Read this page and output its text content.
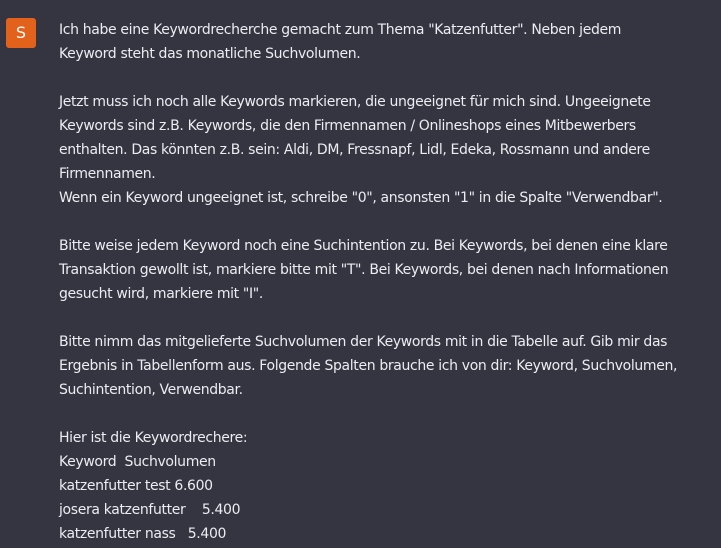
S	Ich habe eine Keywordrecherche gemacht zum Thema "Katzenfutter". Neben jedem
Keyword steht das monatliche Suchvolumen.

Jetzt muss ich noch alle Keywords markieren, die ungeeignet für mich sind. Ungeeignete
Keywords sind z.B. Keywords, die den Firmennamen / Onlineshops eines Mitbewerbers
enthalten. Das könnten z.B. sein: Aldi, DM, Fressnapf, Lidl, Edeka, Rossmann und andere
Firmennamen.
Wenn ein Keyword ungeeignet ist, schreibe "0", ansonsten "1" in die Spalte "Verwendbar".

Bitte weise jedem Keyword noch eine Suchintention zu. Bei Keywords, bei denen eine klare
Transaktion gewollt ist, markiere bitte mit "T". Bei Keywords, bei denen nach Informationen
gesucht wird, markiere mit "I".

Bitte nimm das mitgelieferte Suchvolumen der Keywords mit in die Tabelle auf. Gib mir das
Ergebnis in Tabellenform aus. Folgende Spalten brauche ich von dir: Keyword, Suchvolumen,
Suchintention, Verwendbar.

Hier ist die Keywordrechere:
Keyword  Suchvolumen
katzenfutter test 6.600
josera katzenfutter    5.400
katzenfutter nass   5.400
